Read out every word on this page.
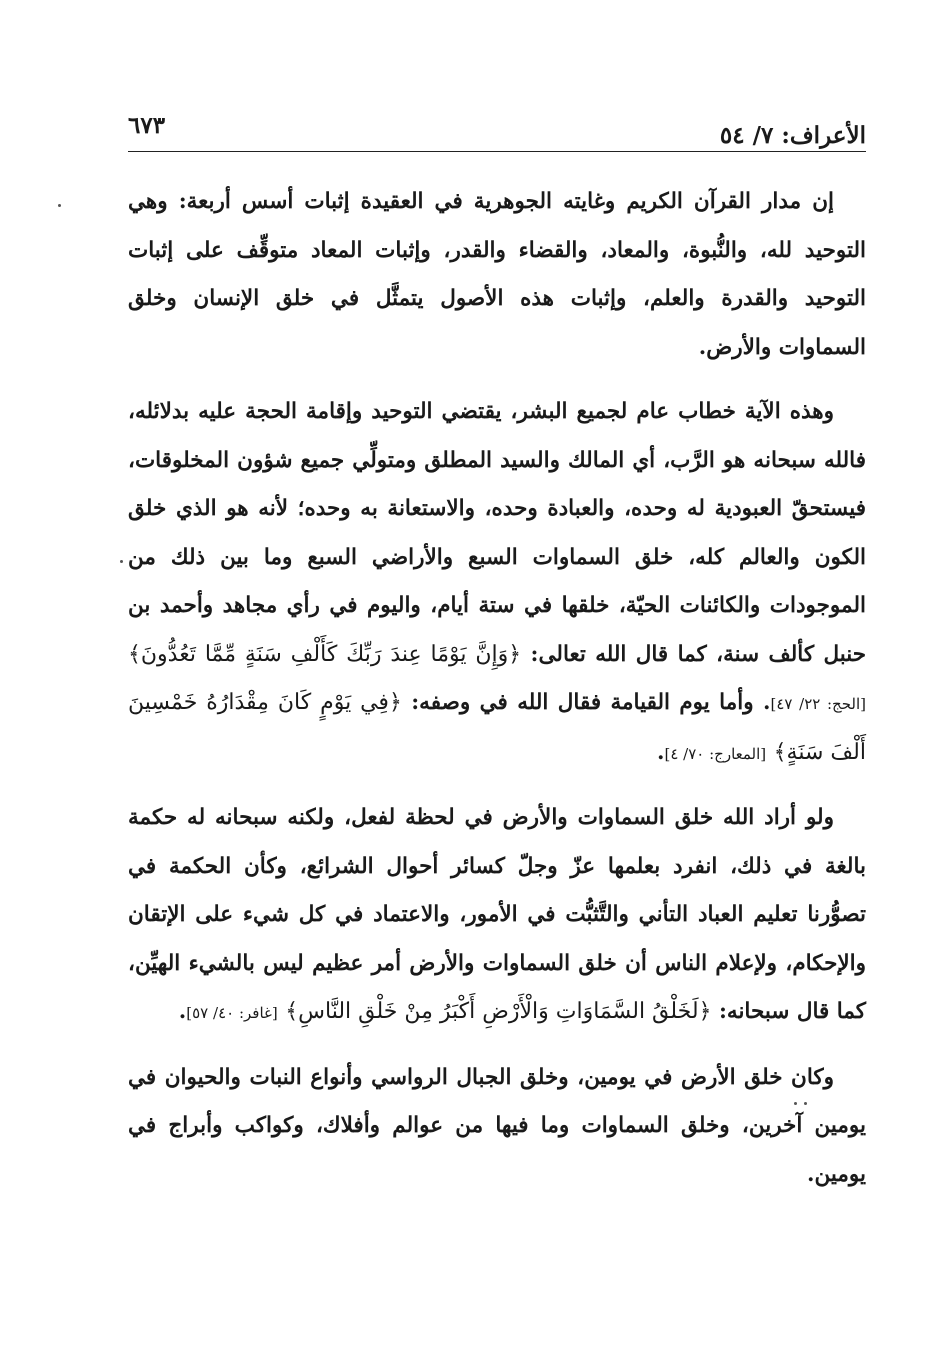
الأعراف: ٧/ ٥٤
٦٧٣

إن مدار القرآن الكريم وغايته الجوهرية في العقيدة إثبات أسس أربعة: وهي التوحيد لله، والنُّبوة، والمعاد، والقضاء والقدر، وإثبات المعاد متوقِّف على إثبات التوحيد والقدرة والعلم، وإثبات هذه الأصول يتمثَّل في خلق الإنسان وخلق السماوات والأرض.

وهذه الآية خطاب عام لجميع البشر، يقتضي التوحيد وإقامة الحجة عليه بدلائله، فالله سبحانه هو الرَّب، أي المالك والسيد المطلق ومتولِّي جميع شؤون المخلوقات، فيستحقّ العبودية له وحده، والعبادة وحده، والاستعانة به وحده؛ لأنه هو الذي خلق الكون والعالم كله، خلق السماوات السبع والأراضي السبع وما بين ذلك من الموجودات والكائنات الحيّة، خلقها في ستة أيام، واليوم في رأي مجاهد وأحمد بن حنبل كألف سنة، كما قال الله تعالى: ﴿وَإِنَّ يَوْمًا عِندَ رَبِّكَ كَأَلْفِ سَنَةٍ مِّمَّا تَعُدُّونَ﴾ [الحج: ٢٢/ ٤٧]. وأما يوم القيامة فقال الله في وصفه: ﴿فِي يَوْمٍ كَانَ مِقْدَارُهُ خَمْسِينَ أَلْفَ سَنَةٍ﴾ [المعارج: ٧٠/ ٤].

ولو أراد الله خلق السماوات والأرض في لحظة لفعل، ولكنه سبحانه له حكمة بالغة في ذلك، انفرد بعلمها عزّ وجلّ كسائر أحوال الشرائع، وكأن الحكمة في تصوُّرنا تعليم العباد التأني والتَّثبُّت في الأمور، والاعتماد في كل شيء على الإتقان والإحكام، ولإعلام الناس أن خلق السماوات والأرض أمر عظيم ليس بالشيء الهيِّن، كما قال سبحانه: ﴿لَخَلْقُ السَّمَاوَاتِ وَالْأَرْضِ أَكْبَرُ مِنْ خَلْقِ النَّاسِ﴾ [غافر: ٤٠/ ٥٧].

وكان خلق الأرض في يومين، وخلق الجبال الرواسي وأنواع النبات والحيوان في يومين آخرين، وخلق السماوات وما فيها من عوالم وأفلاك، وكواكب وأبراج في يومين.
